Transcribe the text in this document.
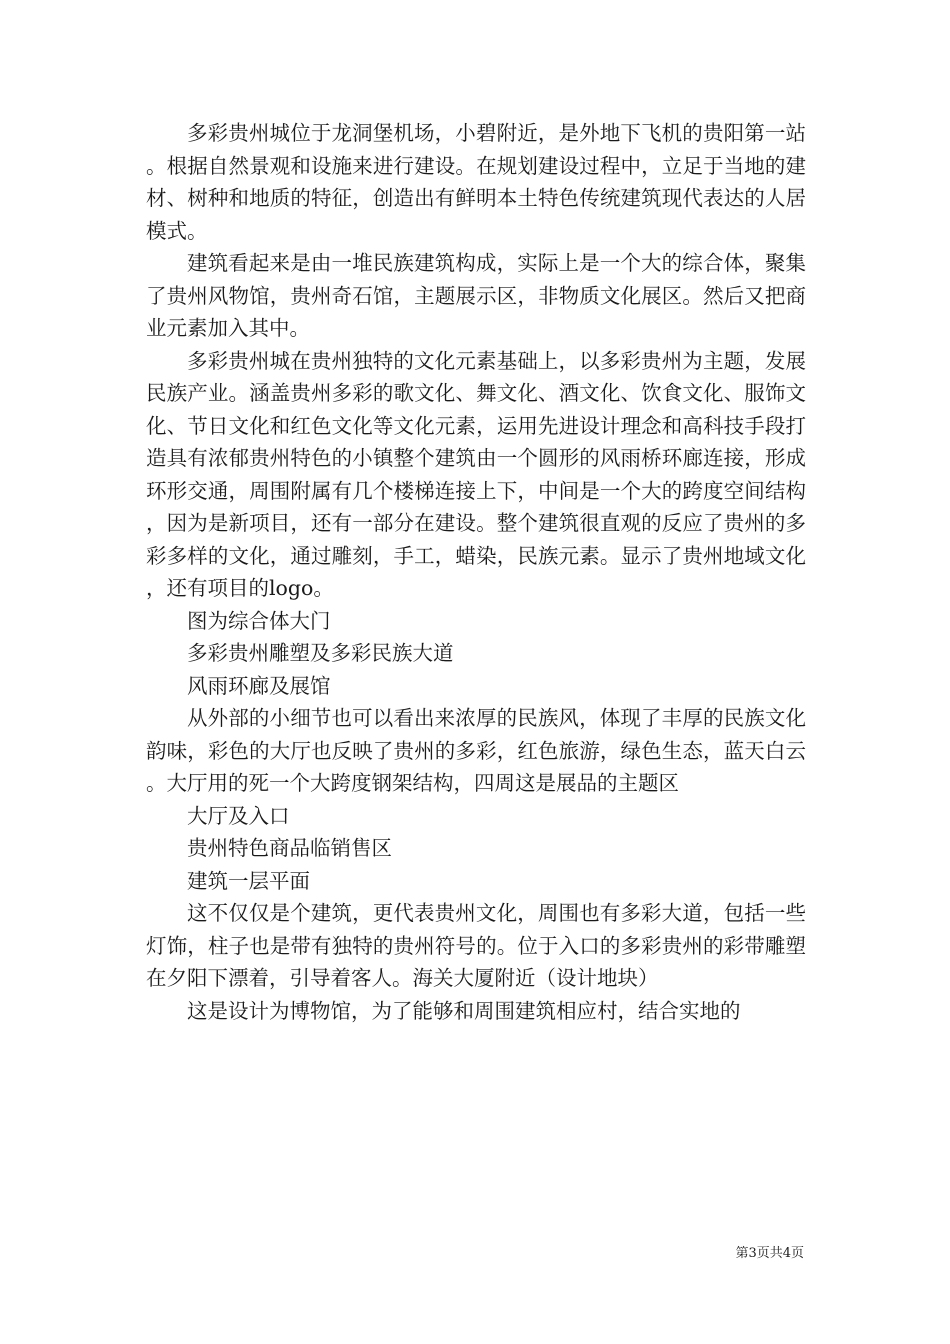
多彩贵州城位于龙洞堡机场，小碧附近，是外地下飞机的贵阳第一站。根据自然景观和设施来进行建设。在规划建设过程中，立足于当地的建材、树种和地质的特征，创造出有鲜明本土特色传统建筑现代表达的人居模式。

建筑看起来是由一堆民族建筑构成，实际上是一个大的综合体，聚集了贵州风物馆，贵州奇石馆，主题展示区，非物质文化展区。然后又把商业元素加入其中。

多彩贵州城在贵州独特的文化元素基础上，以多彩贵州为主题，发展民族产业。涵盖贵州多彩的歌文化、舞文化、酒文化、饮食文化、服饰文化、节日文化和红色文化等文化元素，运用先进设计理念和高科技手段打造具有浓郁贵州特色的小镇整个建筑由一个圆形的风雨桥环廊连接，形成环形交通，周围附属有几个楼梯连接上下，中间是一个大的跨度空间结构，因为是新项目，还有一部分在建设。整个建筑很直观的反应了贵州的多彩多样的文化，通过雕刻，手工，蜡染，民族元素。显示了贵州地域文化，还有项目的logo。

图为综合体大门

多彩贵州雕塑及多彩民族大道

风雨环廊及展馆

从外部的小细节也可以看出来浓厚的民族风，体现了丰厚的民族文化韵味，彩色的大厅也反映了贵州的多彩，红色旅游，绿色生态，蓝天白云。大厅用的死一个大跨度钢架结构，四周这是展品的主题区

大厅及入口

贵州特色商品临销售区

建筑一层平面

这不仅仅是个建筑，更代表贵州文化，周围也有多彩大道，包括一些灯饰，柱子也是带有独特的贵州符号的。位于入口的多彩贵州的彩带雕塑在夕阳下漂着，引导着客人。海关大厦附近（设计地块）

这是设计为博物馆，为了能够和周围建筑相应村，结合实地的

第3页共4页
